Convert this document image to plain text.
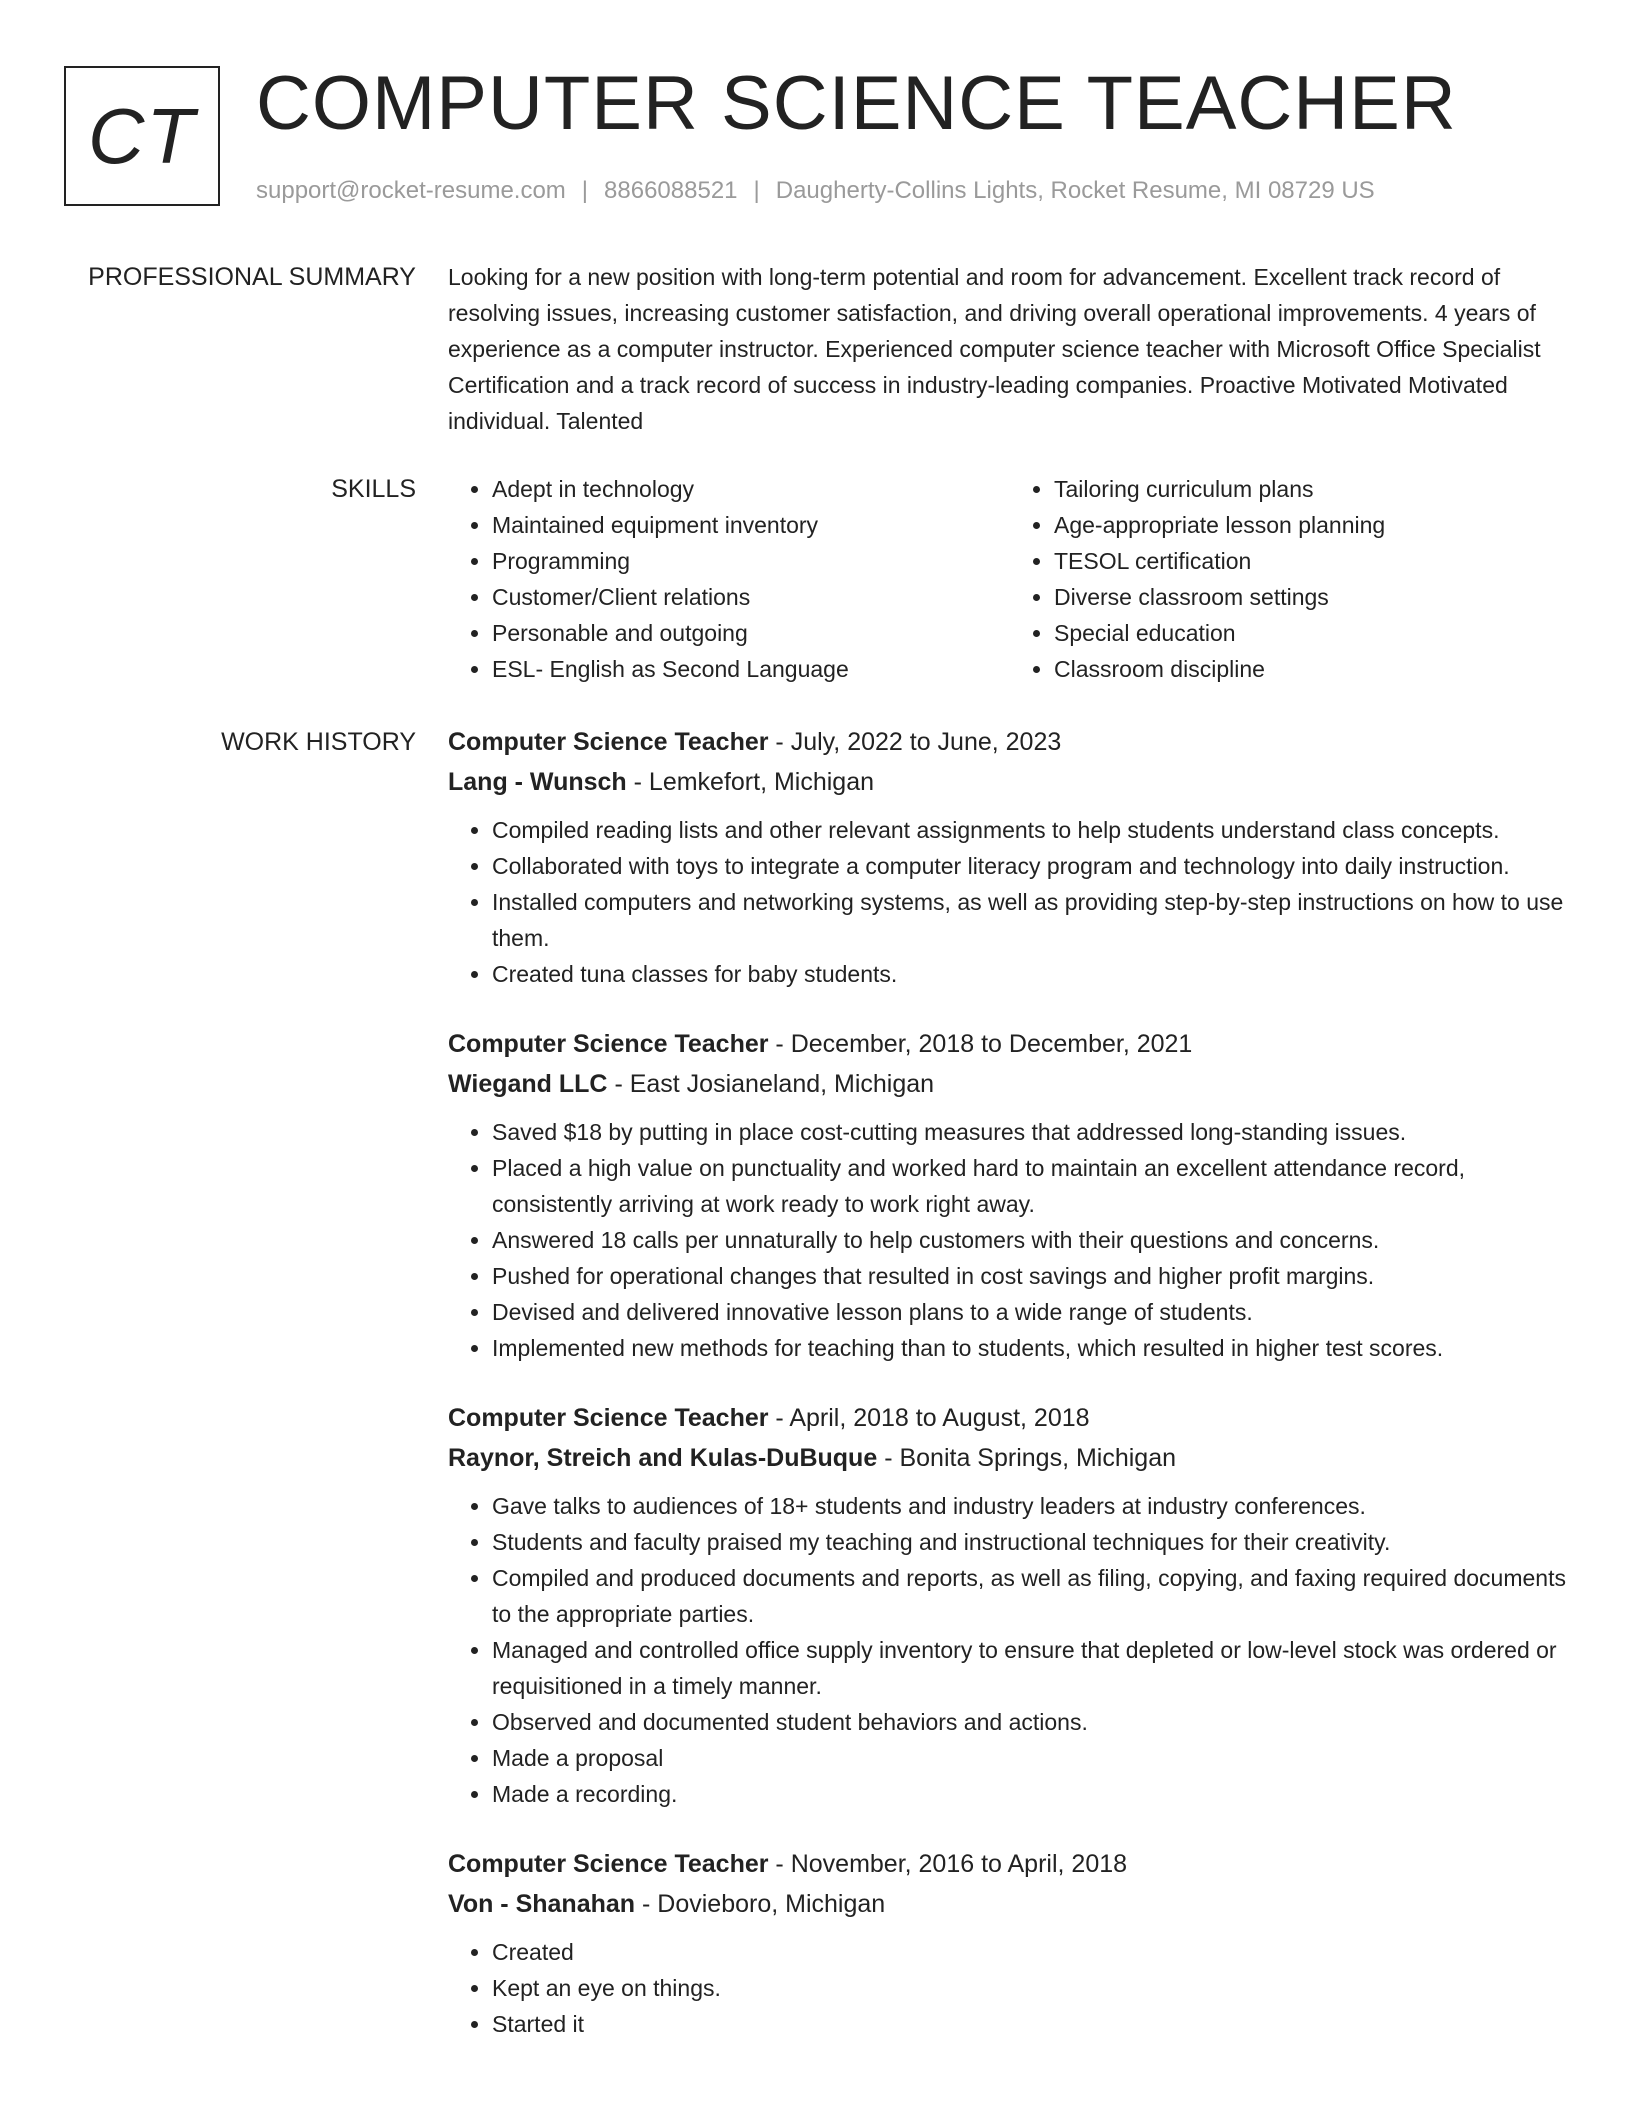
CT COMPUTER SCIENCE TEACHER
support@rocket-resume.com | 8866088521 | Daugherty-Collins Lights, Rocket Resume, MI 08729 US
PROFESSIONAL SUMMARY Looking for a new position with long-term potential and room for advancement. Excellent track record of resolving issues, increasing customer satisfaction, and driving overall operational improvements. 4 years of experience as a computer instructor. Experienced computer science teacher with Microsoft Office Specialist Certification and a track record of success in industry-leading companies. Proactive Motivated Motivated individual. Talented

SKILLS
•	Adept in technology
• Maintained equipment inventory
• Programming
• Customer/Client relations
• Personable and outgoing
• ESL- English as Second Language
• Tailoring curriculum plans
• Age-appropriate lesson planning
• TESOL certification
• Diverse classroom settings
• Special education
• Classroom discipline
WORK HISTORY Computer Science Teacher - July, 2022 to June, 2023
Lang - Wunsch - Lemkefort, Michigan
• Compiled reading lists and other relevant assignments to help students understand class concepts.
• Collaborated with toys to integrate a computer literacy program and technology into daily instruction.
• Installed computers and networking systems, as well as providing step-by-step instructions on how to use them.
• Created tuna classes for baby students.
Computer Science Teacher - December, 2018 to December, 2021
Wiegand LLC - East Josianeland, Michigan
• Saved $18 by putting in place cost-cutting measures that addressed long-standing issues.
• Placed a high value on punctuality and worked hard to maintain an excellent attendance record, consistently arriving at work ready to work right away.
• Answered 18 calls per unnaturally to help customers with their questions and concerns.
• Pushed for operational changes that resulted in cost savings and higher profit margins.
• Devised and delivered innovative lesson plans to a wide range of students.
• Implemented new methods for teaching than to students, which resulted in higher test scores.
Computer Science Teacher - April, 2018 to August, 2018
Raynor, Streich and Kulas-DuBuque - Bonita Springs, Michigan
• Gave talks to audiences of 18+ students and industry leaders at industry conferences.
• Students and faculty praised my teaching and instructional techniques for their creativity.
• Compiled and produced documents and reports, as well as filing, copying, and faxing required documents to the appropriate parties.
• Managed and controlled office supply inventory to ensure that depleted or low-level stock was ordered or requisitioned in a timely manner.
• Observed and documented student behaviors and actions.
• Made a proposal
• Made a recording.
Computer Science Teacher - November, 2016 to April, 2018
Von - Shanahan - Dovieboro, Michigan
• Created
• Kept an eye on things.
• Started it
